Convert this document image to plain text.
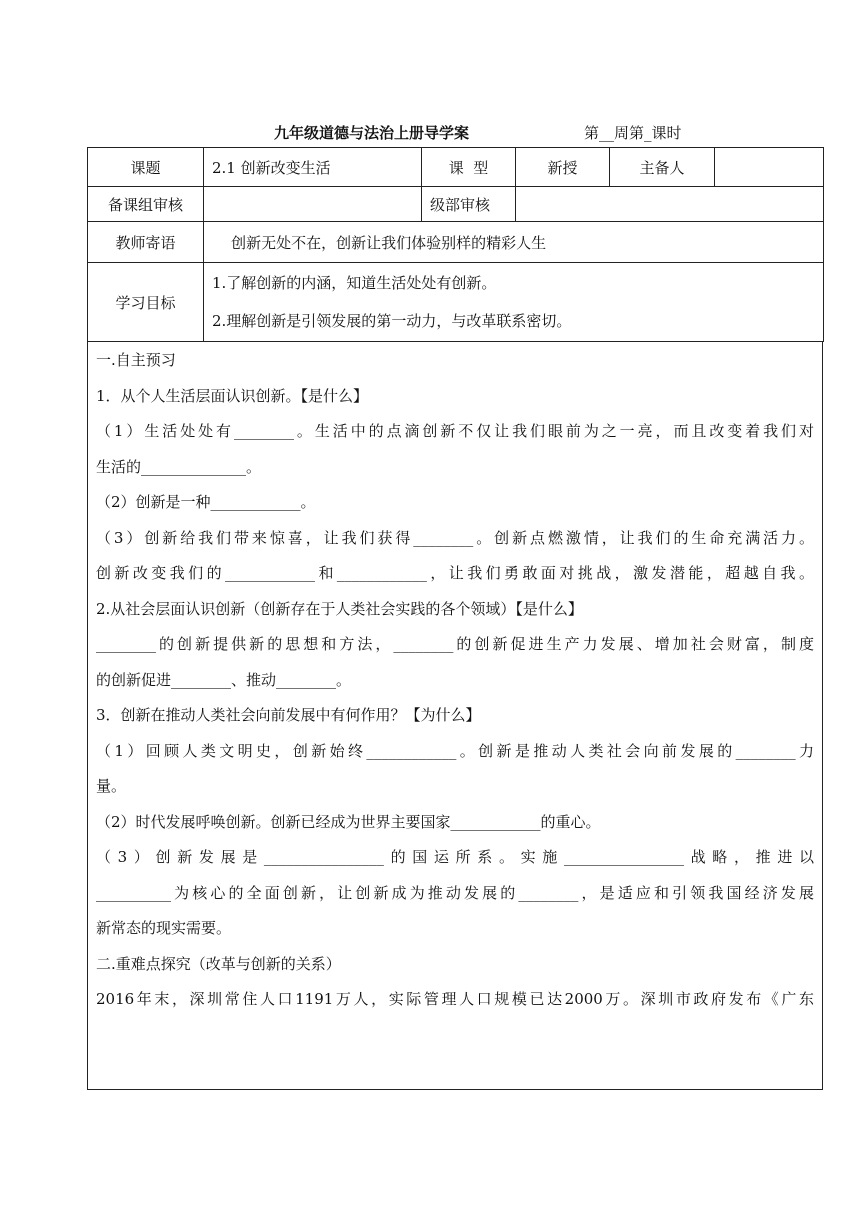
九年级道德与法治上册导学案	第__周第_课时
课题	2.1 创新改变生活	课  型	新授	主备人	
备课组审核		级部审核			
教师寄语	创新无处不在，创新让我们体验别样的精彩人生				
学习目标	1.了解创新的内涵，知道生活处处有创新。
2.理解创新是引领发展的第一动力，与改革联系密切。				

一.自主预习

1．从个人生活层面认识创新。【是什么】

（1）生活处处有________。生活中的点滴创新不仅让我们眼前为之一亮，而且改变着我们对

生活的______________。

（2）创新是一种____________。

（3）创新给我们带来惊喜，让我们获得________。创新点燃激情，让我们的生命充满活力。

创新改变我们的____________和____________，让我们勇敢面对挑战，激发潜能，超越自我。

2.从社会层面认识创新（创新存在于人类社会实践的各个领域）【是什么】

________的创新提供新的思想和方法，________的创新促进生产力发展、增加社会财富，制度

的创新促进________、推动________。

3．创新在推动人类社会向前发展中有何作用？【为什么】

（1）回顾人类文明史，创新始终____________。创新是推动人类社会向前发展的________力

量。

（2）时代发展呼唤创新。创新已经成为世界主要国家____________的重心。

（3）创新发展是________________的国运所系。实施________________战略，推进以

__________为核心的全面创新，让创新成为推动发展的________，是适应和引领我国经济发展

新常态的现实需要。

二.重难点探究（改革与创新的关系）

2016年末，深圳常住人口1191万人，实际管理人口规模已达2000万。深圳市政府发布《广东
